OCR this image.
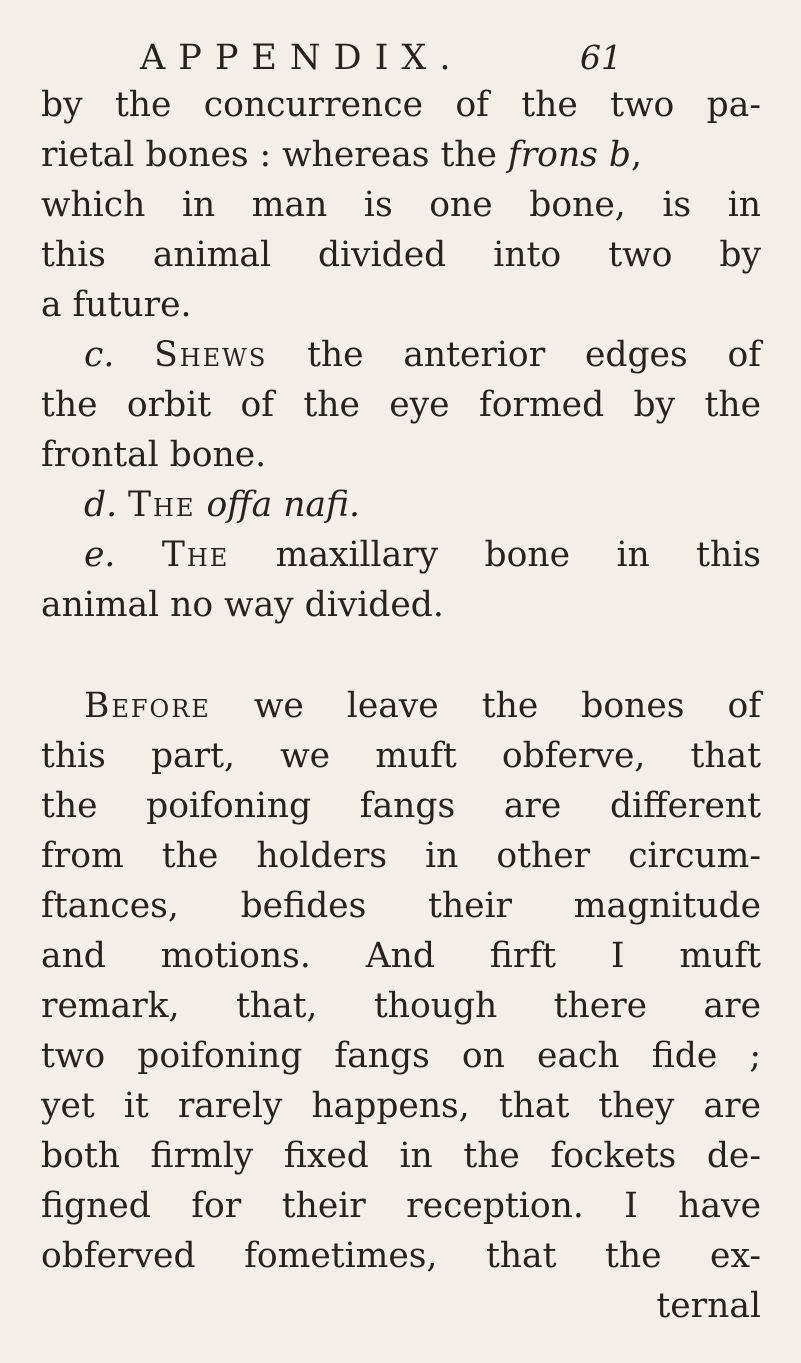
APPENDIX.	61
by the concurrence of the two pa-
rietal bones : whereas the frons b,
which in man is one bone, is in
this animal divided into two by
a future.
c. Shews the anterior edges of
the orbit of the eye formed by the
frontal bone.
d. The offa nafi.
e. The maxillary bone in this
animal no way divided.
Before we leave the bones of
this part, we muft obferve, that
the poifoning fangs are different
from the holders in other circum-
ftances, befides their magnitude
and motions. And firft I muft
remark, that, though there are
two poifoning fangs on each fide ;
yet it rarely happens, that they are
both firmly fixed in the fockets de-
figned for their reception. I have
obferved fometimes, that the ex-
ternal
